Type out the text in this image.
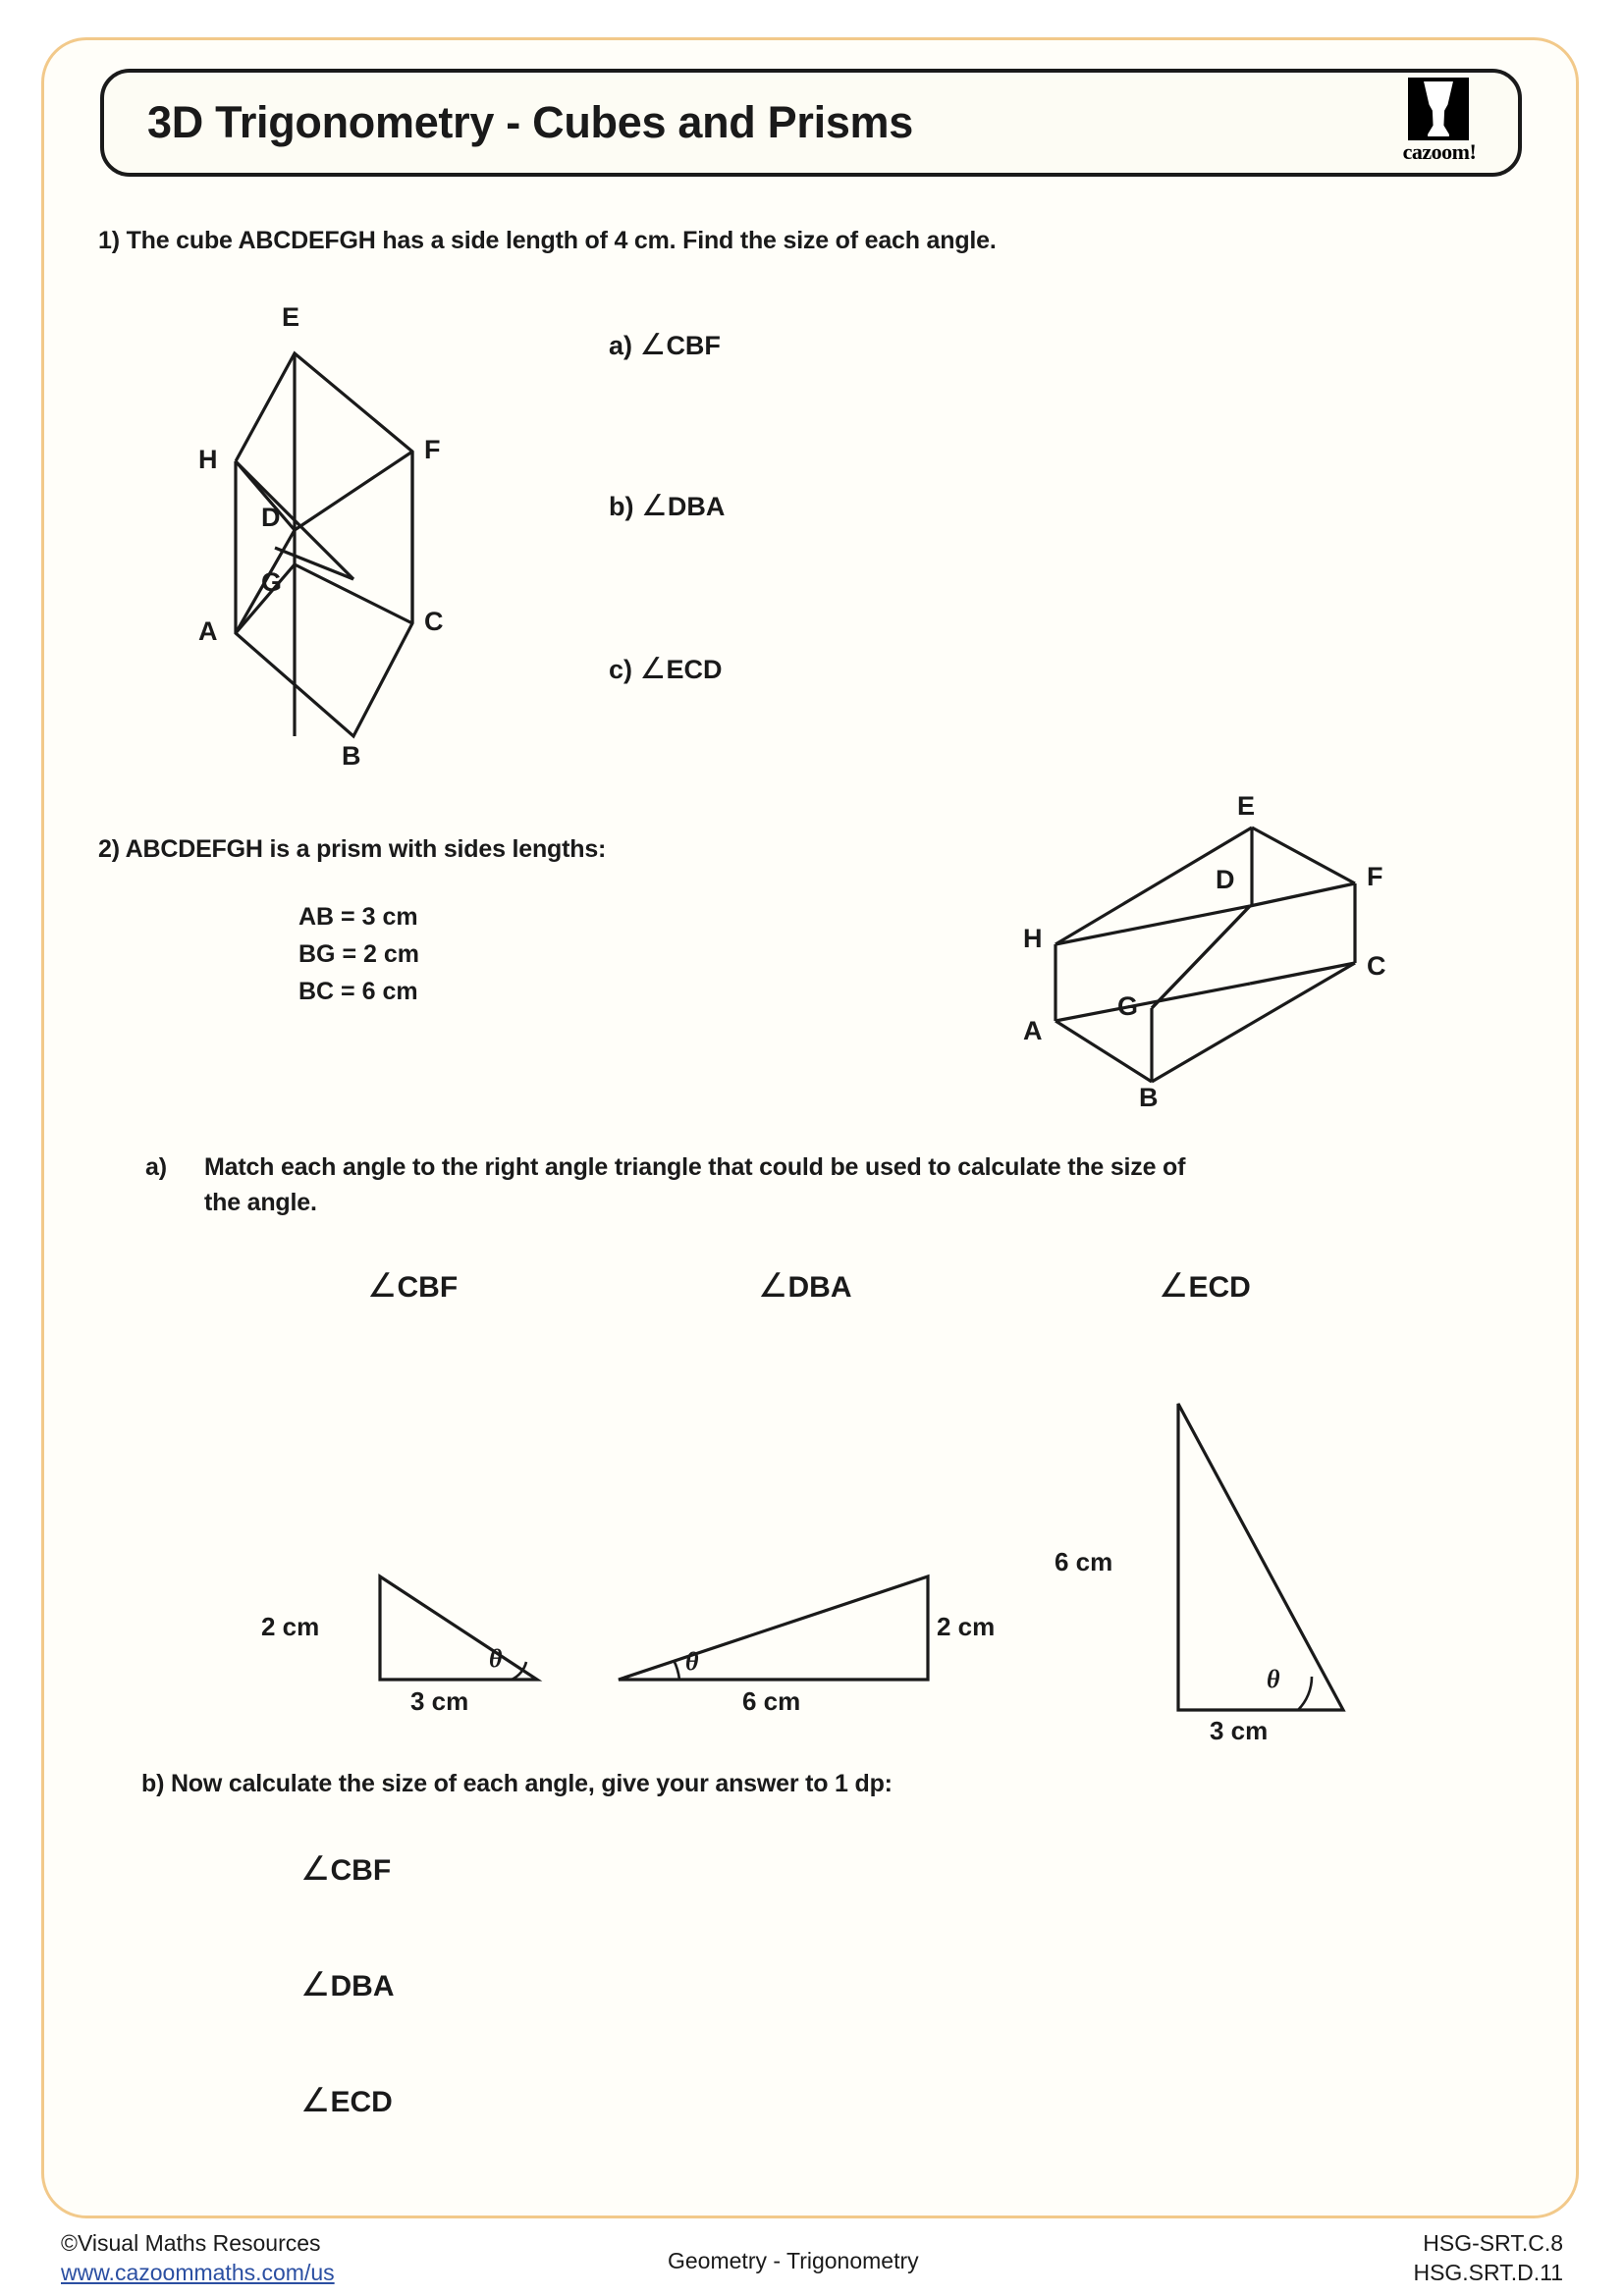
3D Trigonometry - Cubes and Prisms
cazoom!
1) The cube ABCDEFGH has a side length of 4 cm. Find the size of each angle.
E
H	F
D
G
A	C
B
a) ∠CBF
b) ∠DBA
c) ∠ECD
2) ABCDEFGH is a prism with sides lengths:
AB = 3 cm
BG = 2 cm
BC = 6 cm
E
D	F
H
C
G
A
B
a)	Match each angle to the right angle triangle that could be used to calculate the size of
the angle.
∠CBF	∠DBA	∠ECD
2 cm
3 cm
θ
2 cm
6 cm
θ
6 cm
3 cm
θ
b) Now calculate the size of each angle, give your answer to 1 dp:
∠CBF
∠DBA
∠ECD
©Visual Maths Resources
www.cazoommaths.com/us	Geometry - Trigonometry
HSG-SRT.C.8
HSG.SRT.D.11
